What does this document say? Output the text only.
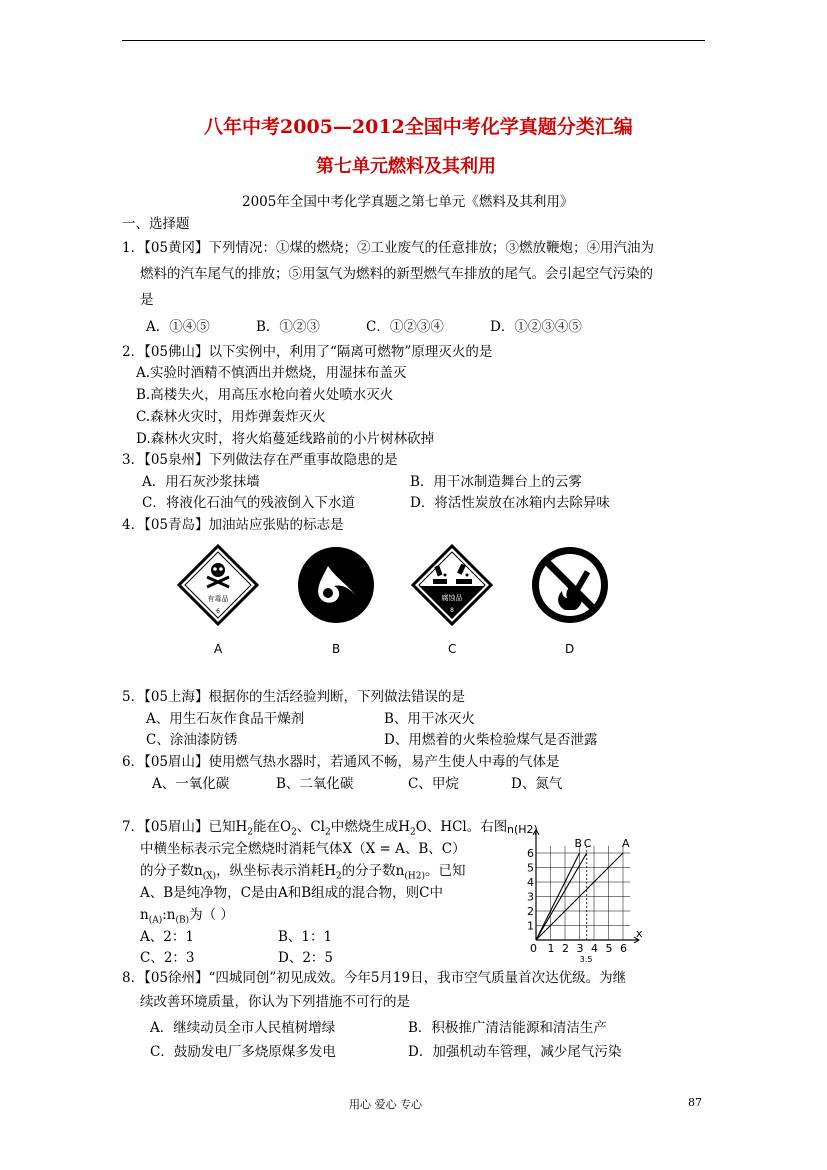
八年中考2005—2012全国中考化学真题分类汇编
第七单元燃料及其利用
2005年全国中考化学真题之第七单元《燃料及其利用》
一、选择题
1．【05黄冈】下列情况：①煤的燃烧；②工业废气的任意排放；③燃放鞭炮；④用汽油为
燃料的汽车尾气的排放；⑤用氢气为燃料的新型燃气车排放的尾气。会引起空气污染的
是
A．①④⑤	B．①②③	C．①②③④	D．①②③④⑤
2．【05佛山】以下实例中，利用了“隔离可燃物”原理灭火的是
A.实验时酒精不慎洒出并燃烧，用湿抹布盖灭
B.高楼失火，用高压水枪向着火处喷水灭火
C.森林火灾时，用炸弹轰炸灭火
D.森林火灾时，将火焰蔓延线路前的小片树林砍掉
3．【05泉州】下列做法存在严重事故隐患的是
A．用石灰沙浆抹墙	B．用干冰制造舞台上的云雾
C．将液化石油气的残液倒入下水道	D．将活性炭放在冰箱内去除异味
4．【05青岛】加油站应张贴的标志是
有毒品
6
腐蚀品
8
A	B	C	D
5．【05上海】根据你的生活经验判断，下列做法错误的是
A、用生石灰作食品干燥剂	B、用干冰灭火
C、涂油漆防锈	D、用燃着的火柴检验煤气是否泄露
6．【05眉山】使用燃气热水器时，若通风不畅，易产生使人中毒的气体是
A、一氧化碳	B、二氧化碳	C、甲烷	D、氮气
7．【05眉山】已知$H_2$能在$O_2$、$Cl_2$中燃烧生成$H_2O$、HCl。右图
中横坐标表示完全燃烧时消耗气体X（X = A、B、C）
的分子数$n_{(X)}$，纵坐标表示消耗$H_2$的分子数$n_{(H2)}$。已知
A、B是纯净物，C是由A和B组成的混合物，则C中
$n_{(A)}:n_{(B)}$为（ ）
A、2：1	B、1：1
C、2：3	D、2：5
B C	A
0 1 2 3 4 5 6
1
2
3
4
5
6
3.5
x
n(H2)
8．【05徐州】“四城同创”初见成效。今年5月19日，我市空气质量首次达优级。为继
续改善环境质量，你认为下列措施不可行的是
A．继续动员全市人民植树增绿	B．积极推广清洁能源和清洁生产
C．鼓励发电厂多烧原煤多发电	D．加强机动车管理，减少尾气污染
用心 爱心 专心	87
